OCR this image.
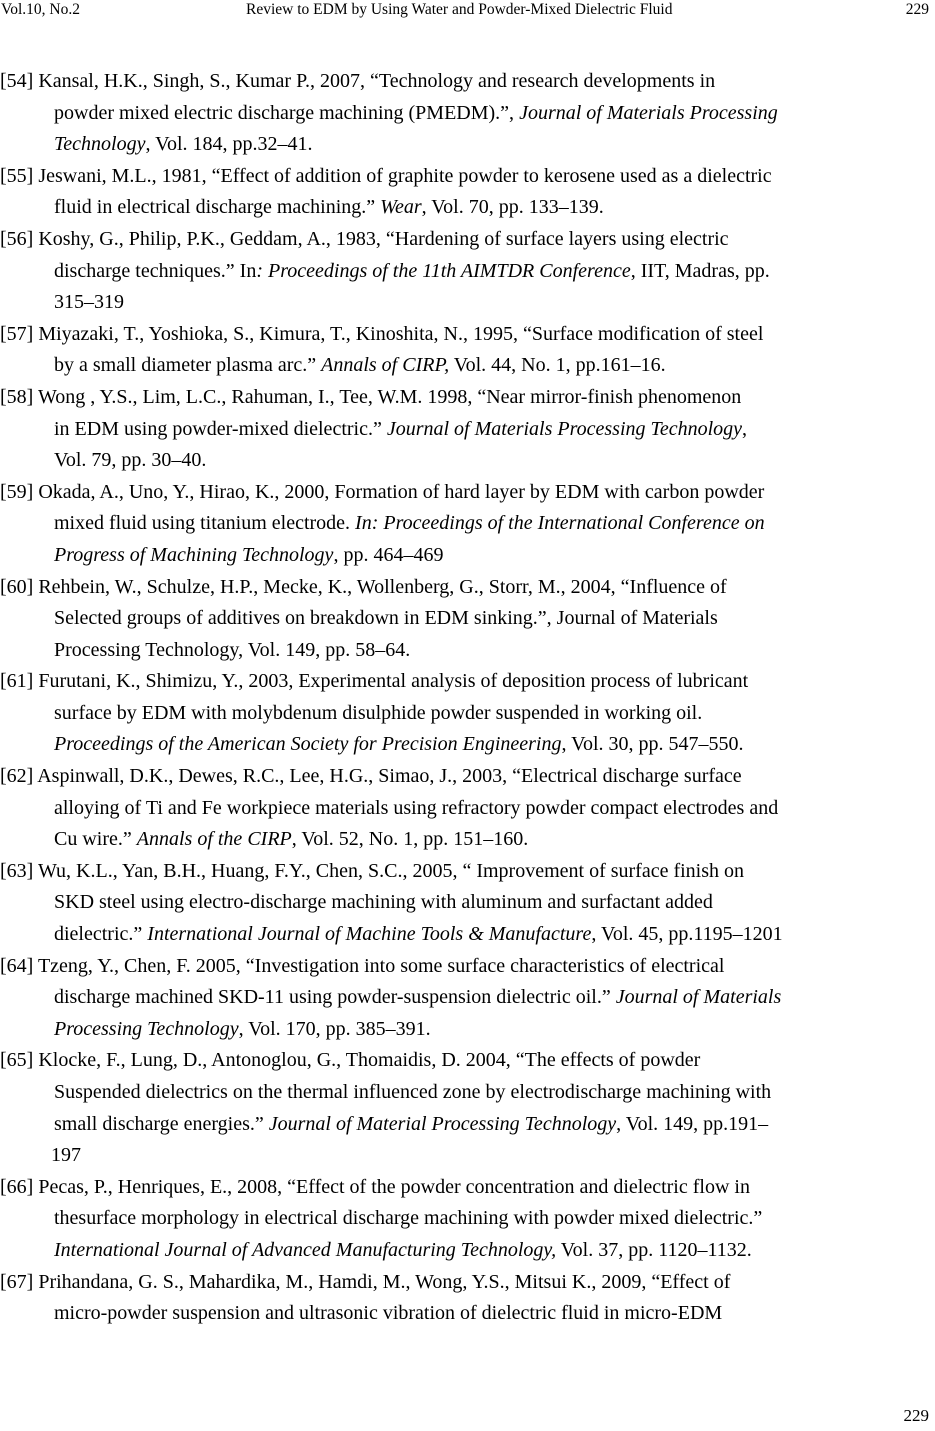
Vol.10, No.2	Review to EDM by Using Water and Powder-Mixed Dielectric Fluid	229
[54] Kansal, H.K., Singh, S., Kumar P., 2007, “Technology and research developments in
powder mixed electric discharge machining (PMEDM).”, Journal of Materials Processing
Technology, Vol. 184, pp.32–41.
[55] Jeswani, M.L., 1981, “Effect of addition of graphite powder to kerosene used as a dielectric
fluid in electrical discharge machining.” Wear, Vol. 70, pp. 133–139.
[56] Koshy, G., Philip, P.K., Geddam, A., 1983, “Hardening of surface layers using electric
discharge techniques.” In: Proceedings of the 11th AIMTDR Conference, IIT, Madras, pp.
315–319
[57] Miyazaki, T., Yoshioka, S., Kimura, T., Kinoshita, N., 1995, “Surface modification of steel
by a small diameter plasma arc.” Annals of CIRP, Vol. 44, No. 1, pp.161–16.
[58] Wong , Y.S., Lim, L.C., Rahuman, I., Tee, W.M. 1998, “Near mirror-finish phenomenon
in EDM using powder-mixed dielectric.” Journal of Materials Processing Technology,
Vol. 79, pp. 30–40.
[59] Okada, A., Uno, Y., Hirao, K., 2000, Formation of hard layer by EDM with carbon powder
mixed fluid using titanium electrode. In: Proceedings of the International Conference on
Progress of Machining Technology, pp. 464–469
[60] Rehbein, W., Schulze, H.P., Mecke, K., Wollenberg, G., Storr, M., 2004, “Influence of
Selected groups of additives on breakdown in EDM sinking.”, Journal of Materials
Processing Technology, Vol. 149, pp. 58–64.
[61] Furutani, K., Shimizu, Y., 2003, Experimental analysis of deposition process of lubricant
surface by EDM with molybdenum disulphide powder suspended in working oil.
Proceedings of the American Society for Precision Engineering, Vol. 30, pp. 547–550.
[62] Aspinwall, D.K., Dewes, R.C., Lee, H.G., Simao, J., 2003, “Electrical discharge surface
alloying of Ti and Fe workpiece materials using refractory powder compact electrodes and
Cu wire.” Annals of the CIRP, Vol. 52, No. 1, pp. 151–160.
[63] Wu, K.L., Yan, B.H., Huang, F.Y., Chen, S.C., 2005, “ Improvement of surface finish on
SKD steel using electro-discharge machining with aluminum and surfactant added
dielectric.” International Journal of Machine Tools & Manufacture, Vol. 45, pp.1195–1201
[64] Tzeng, Y., Chen, F. 2005, “Investigation into some surface characteristics of electrical
discharge machined SKD-11 using powder-suspension dielectric oil.” Journal of Materials
Processing Technology, Vol. 170, pp. 385–391.
[65] Klocke, F., Lung, D., Antonoglou, G., Thomaidis, D. 2004, “The effects of powder
Suspended dielectrics on the thermal influenced zone by electrodischarge machining with
small discharge energies.” Journal of Material Processing Technology, Vol. 149, pp.191–
197
[66] Pecas, P., Henriques, E., 2008, “Effect of the powder concentration and dielectric flow in
thesurface morphology in electrical discharge machining with powder mixed dielectric.”
International Journal of Advanced Manufacturing Technology, Vol. 37, pp. 1120–1132.
[67] Prihandana, G. S., Mahardika, M., Hamdi, M., Wong, Y.S., Mitsui K., 2009, “Effect of
micro-powder suspension and ultrasonic vibration of dielectric fluid in micro-EDM
229
